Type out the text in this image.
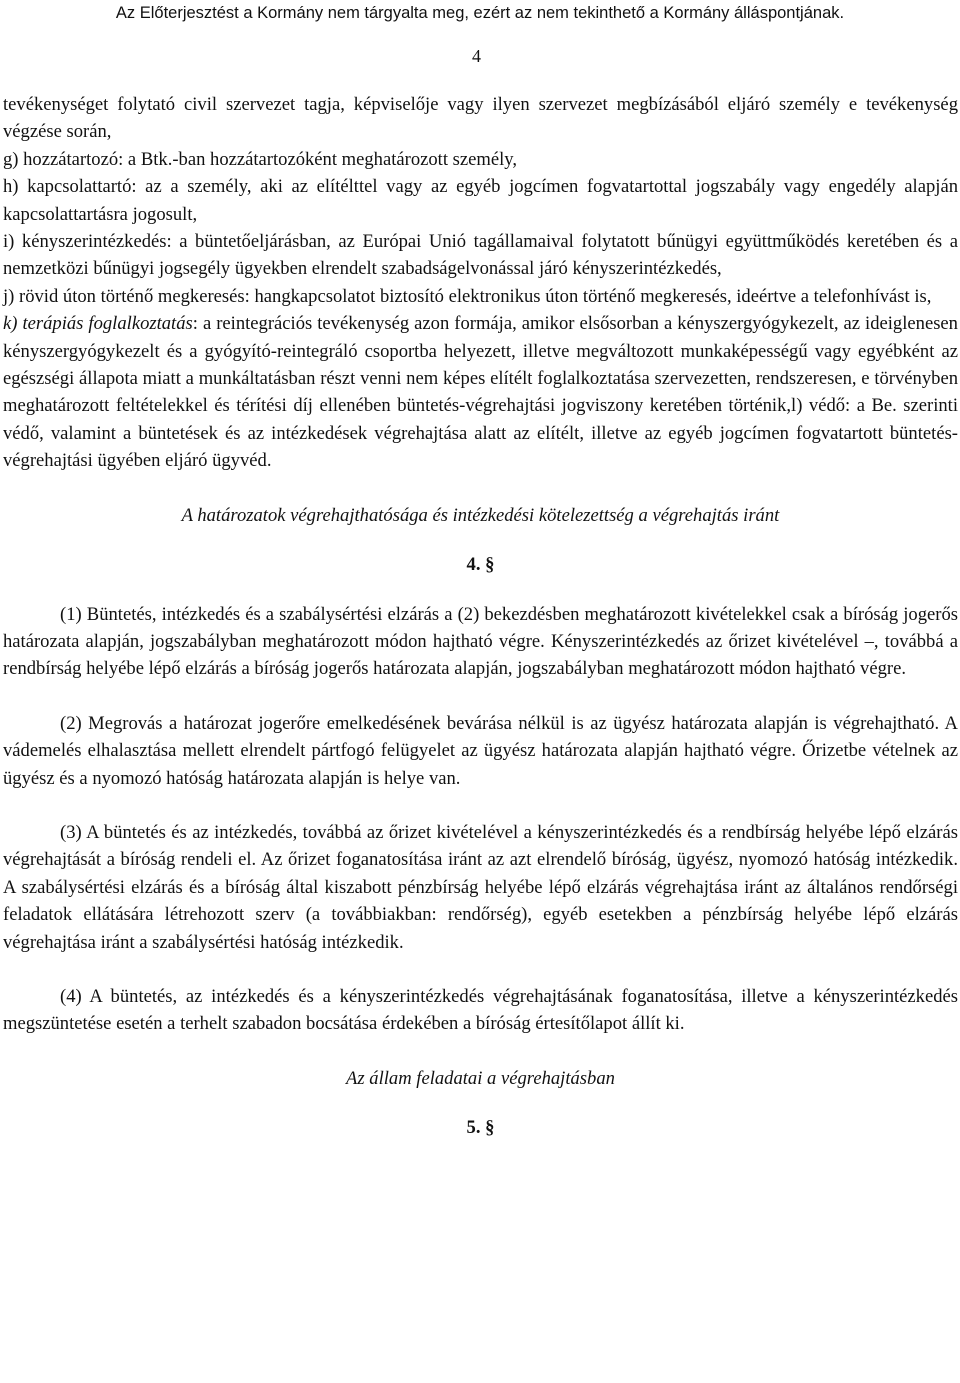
Az Előterjesztést a Kormány nem tárgyalta meg, ezért az nem tekinthető a Kormány álláspontjának.
4

tevékenységet folytató civil szervezet tagja, képviselője vagy ilyen szervezet megbízásából eljáró személy e tevékenység végzése során,

g) hozzátartozó: a Btk.-ban hozzátartozóként meghatározott személy,

h) kapcsolattartó: az a személy, aki az elítélttel vagy az egyéb jogcímen fogvatartottal jogszabály vagy engedély alapján kapcsolattartásra jogosult,

i) kényszerintézkedés: a büntetőeljárásban, az Európai Unió tagállamaival folytatott bűnügyi együttműködés keretében és a nemzetközi bűnügyi jogsegély ügyekben elrendelt szabadságelvonással járó kényszerintézkedés,

j) rövid úton történő megkeresés: hangkapcsolatot biztosító elektronikus úton történő megkeresés, ideértve a telefonhívást is,

k) terápiás foglalkoztatás: a reintegrációs tevékenység azon formája, amikor elsősorban a kényszergyógykezelt, az ideiglenesen kényszergyógykezelt és a gyógyító-reintegráló csoportba helyezett, illetve megváltozott munkaképességű vagy egyébként az egészségi állapota miatt a munkáltatásban részt venni nem képes elítélt foglalkoztatása szervezetten, rendszeresen, e törvényben meghatározott feltételekkel és térítési díj ellenében büntetés-végrehajtási jogviszony keretében történik,l) védő: a Be. szerinti védő, valamint a büntetések és az intézkedések végrehajtása alatt az elítélt, illetve az egyéb jogcímen fogvatartott büntetés-végrehajtási ügyében eljáró ügyvéd.

A határozatok végrehajthatósága és intézkedési kötelezettség a végrehajtás iránt

4. §

(1) Büntetés, intézkedés és a szabálysértési elzárás a (2) bekezdésben meghatározott kivételekkel csak a bíróság jogerős határozata alapján, jogszabályban meghatározott módon hajtható végre. Kényszerintézkedés az őrizet kivételével –, továbbá a rendbírság helyébe lépő elzárás a bíróság jogerős határozata alapján, jogszabályban meghatározott módon hajtható végre.

(2) Megrovás a határozat jogerőre emelkedésének bevárása nélkül is az ügyész határozata alapján is végrehajtható. A vádemelés elhalasztása mellett elrendelt pártfogó felügyelet az ügyész határozata alapján hajtható végre. Őrizetbe vételnek az ügyész és a nyomozó hatóság határozata alapján is helye van.

(3) A büntetés és az intézkedés, továbbá az őrizet kivételével a kényszerintézkedés és a rendbírság helyébe lépő elzárás végrehajtását a bíróság rendeli el. Az őrizet foganatosítása iránt az azt elrendelő bíróság, ügyész, nyomozó hatóság intézkedik. A szabálysértési elzárás és a bíróság által kiszabott pénzbírság helyébe lépő elzárás végrehajtása iránt az általános rendőrségi feladatok ellátására létrehozott szerv (a továbbiakban: rendőrség), egyéb esetekben a pénzbírság helyébe lépő elzárás végrehajtása iránt a szabálysértési hatóság intézkedik.

(4) A büntetés, az intézkedés és a kényszerintézkedés végrehajtásának foganatosítása, illetve a kényszerintézkedés megszüntetése esetén a terhelt szabadon bocsátása érdekében a bíróság értesítőlapot állít ki.

Az állam feladatai a végrehajtásban

5. §
